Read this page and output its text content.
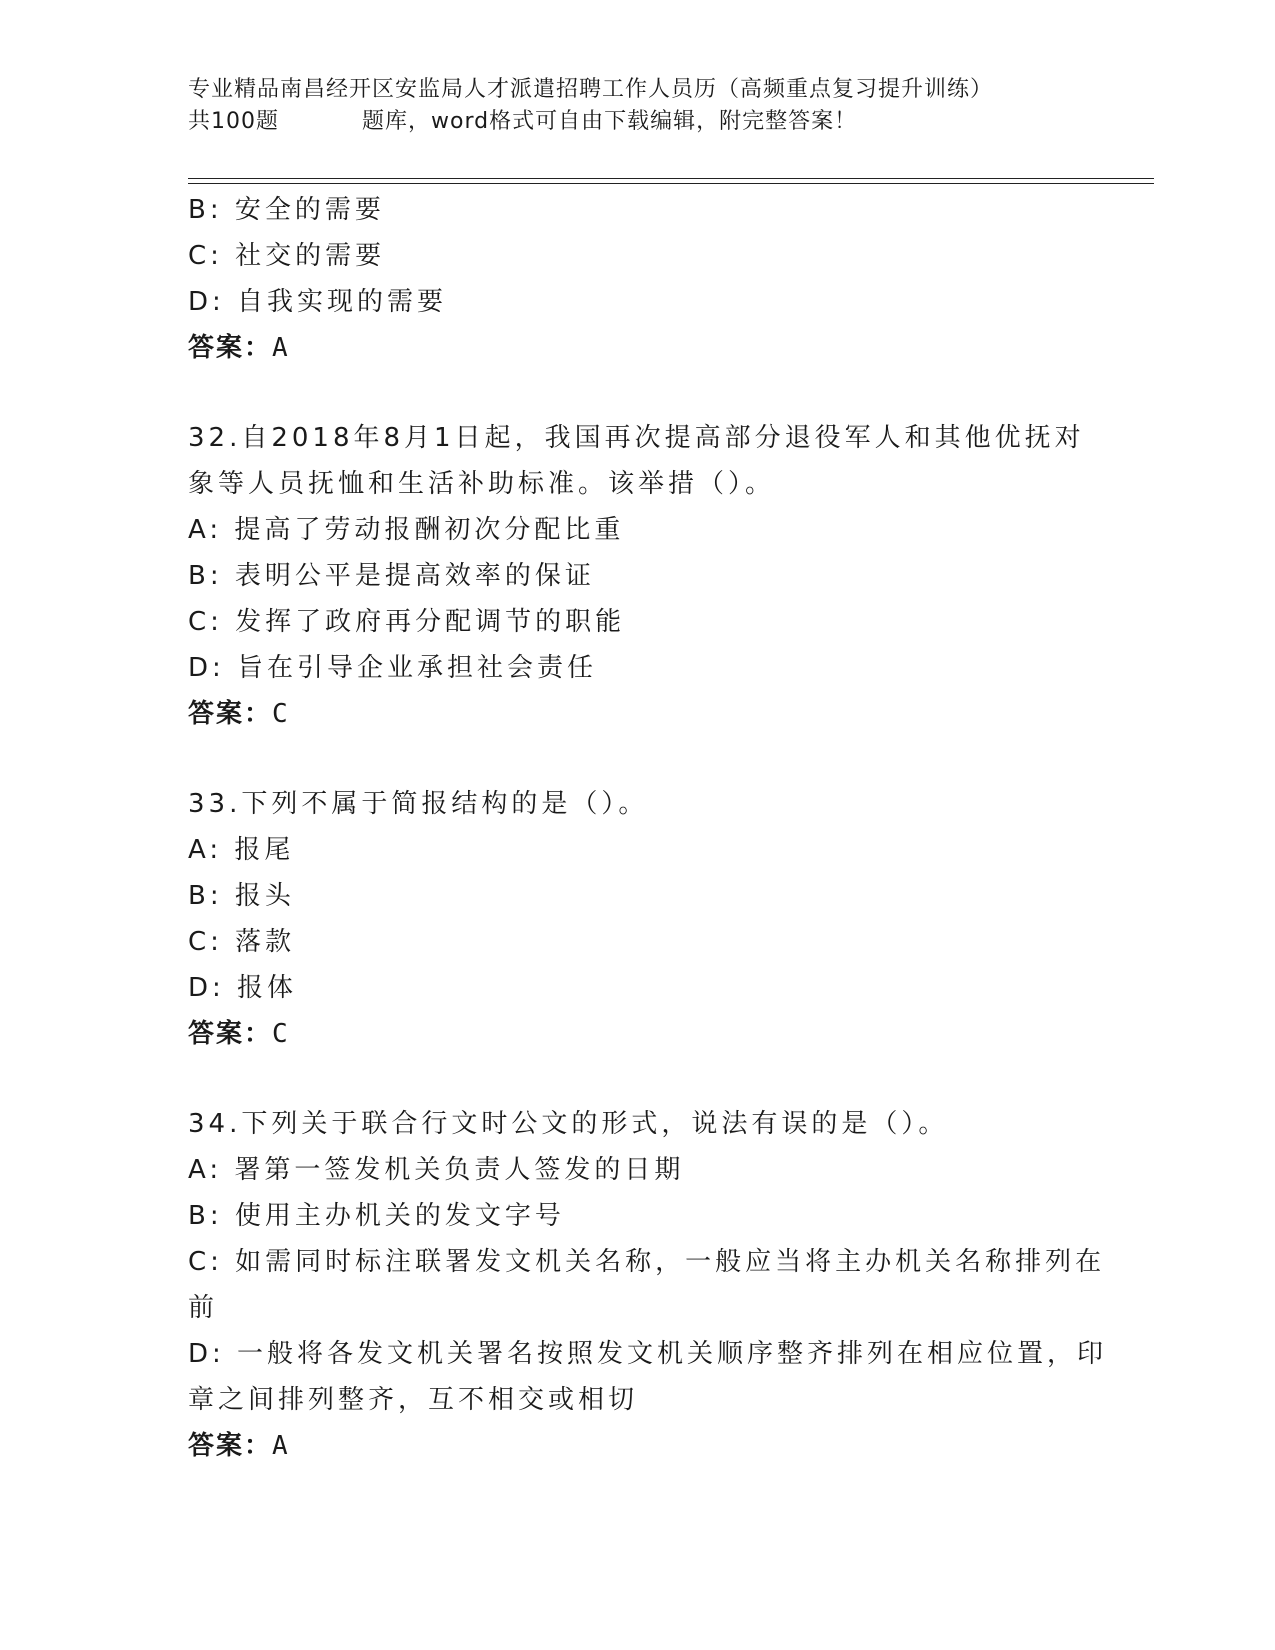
专业精品南昌经开区安监局人才派遣招聘工作人员历（高频重点复习提升训练）
共100题	题库，word格式可自由下载编辑，附完整答案！
B: 安全的需要
C: 社交的需要
D: 自我实现的需要
答案：A
32.自2018年8月1日起，我国再次提高部分退役军人和其他优抚对
象等人员抚恤和生活补助标准。该举措（）。
A: 提高了劳动报酬初次分配比重
B: 表明公平是提高效率的保证
C: 发挥了政府再分配调节的职能
D: 旨在引导企业承担社会责任
答案：C
33.下列不属于简报结构的是（）。
A: 报尾
B: 报头
C: 落款
D: 报体
答案：C
34.下列关于联合行文时公文的形式，说法有误的是（）。
A: 署第一签发机关负责人签发的日期
B: 使用主办机关的发文字号
C: 如需同时标注联署发文机关名称，一般应当将主办机关名称排列在
前
D: 一般将各发文机关署名按照发文机关顺序整齐排列在相应位置，印
章之间排列整齐，互不相交或相切
答案：A
